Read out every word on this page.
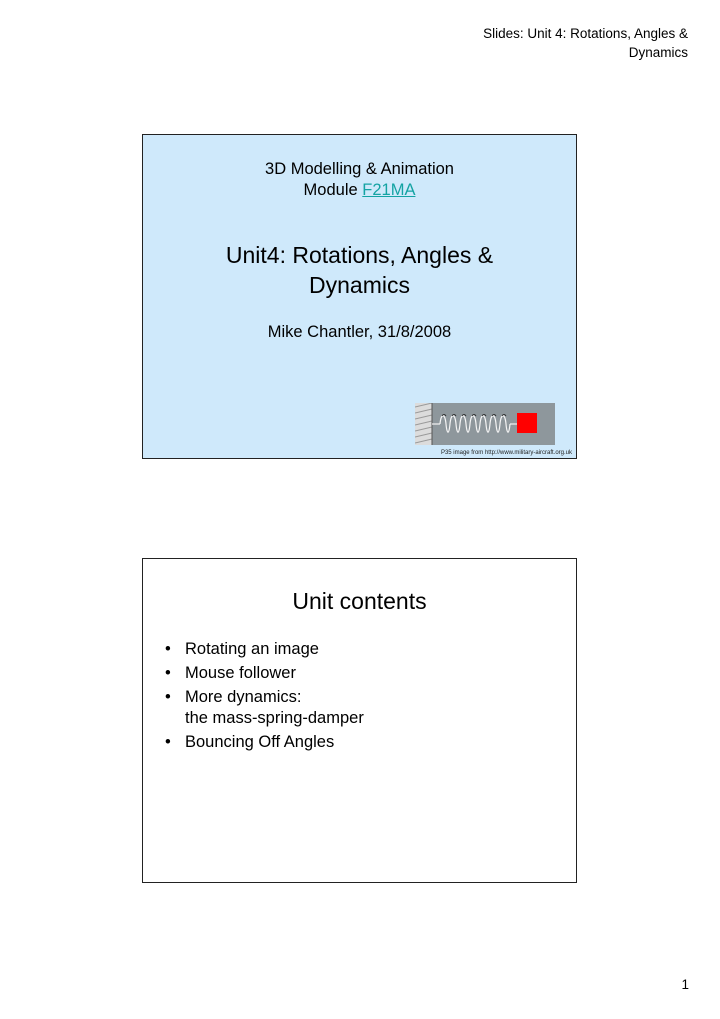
Slides: Unit 4: Rotations, Angles &
Dynamics
3D Modelling & Animation
Module F21MA
Unit4: Rotations, Angles &
Dynamics
Mike Chantler, 31/8/2008
P35 image from http://www.military-aircraft.org.uk
Unit contents
• Rotating an image
• Mouse follower
• More dynamics:
the mass-spring-damper
• Bouncing Off Angles
1
